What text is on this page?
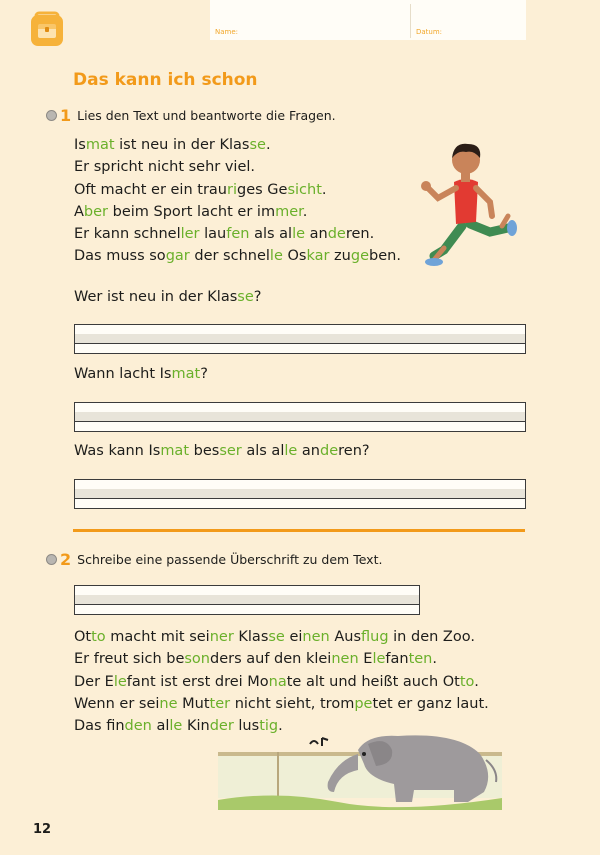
Name:	Datum:
Das kann ich schon
1 Lies den Text und beantworte die Fragen.
Ismat ist neu in der Klasse.
Er spricht nicht sehr viel.
Oft macht er ein trauriges Gesicht.
Aber beim Sport lacht er immer.
Er kann schneller laufen als alle anderen.
Das muss sogar der schnelle Oskar zugeben.
Wer ist neu in der Klasse?
Wann lacht Ismat?
Was kann Ismat besser als alle anderen?
2 Schreibe eine passende Überschrift zu dem Text.
Otto macht mit seiner Klasse einen Ausflug in den Zoo.
Er freut sich besonders auf den kleinen Elefanten.
Der Elefant ist erst drei Monate alt und heißt auch Otto.
Wenn er seine Mutter nicht sieht, trompetet er ganz laut.
Das finden alle Kinder lustig.
12
